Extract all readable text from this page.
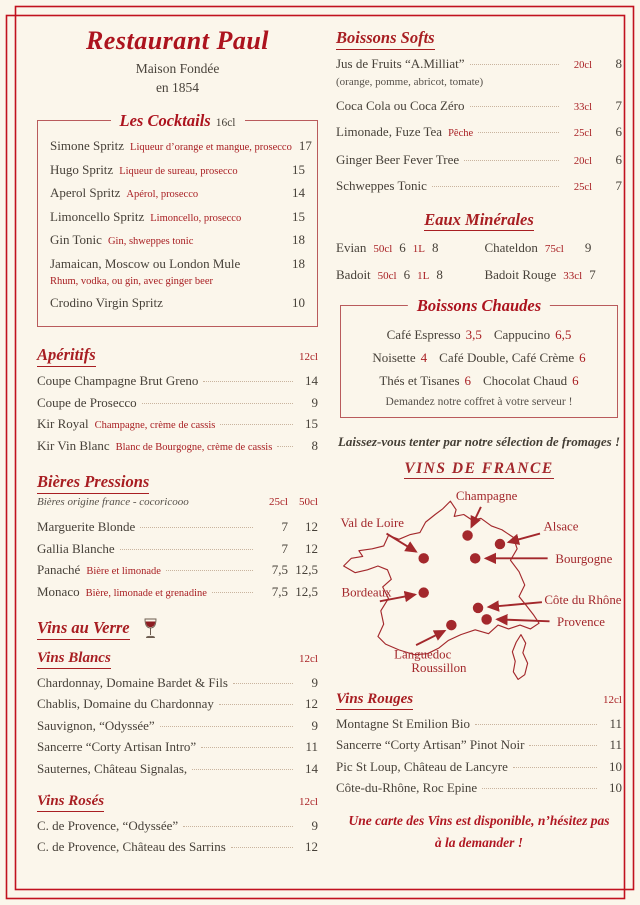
Restaurant Paul
Maison Fondée
en 1854
Les Cocktails 16cl
Simone Spritz Liqueur d’orange et mangue, prosecco 17
Hugo Spritz Liqueur de sureau, prosecco	15
Aperol Spritz Apérol, prosecco	14
Limoncello Spritz Limoncello, prosecco	15
Gin Tonic Gin, shweppes tonic	18
Jamaican, Moscow ou London Mule	18
Rhum, vodka, ou gin, avec ginger beer
Crodino Virgin Spritz	10
Apéritifs	12cl
Coupe Champagne Brut Greno	14
Coupe de Prosecco	9
Kir Royal Champagne, crème de cassis	15
Kir Vin Blanc Blanc de Bourgogne, crème de cassis	8
Bières Pressions
Bières origine france - cocoricooo	25cl	50cl
Marguerite Blonde	7	12
Gallia Blanche	7	12
Panaché Bière et limonade	7,5 12,5
Monaco Bière, limonade et grenadine	7,5 12,5
Vins au Verre
Vins Blancs	12cl
Chardonnay, Domaine Bardet & Fils	9
Chablis, Domaine du Chardonnay	12
Sauvignon, “Odyssée”	9
Sancerre “Corty Artisan Intro”	11
Sauternes, Château Signalas,	14
Vins Rosés	12cl
C. de Provence, “Odyssée”	9
C. de Provence, Château des Sarrins	12
Boissons Softs
Jus de Fruits “A.Milliat”	20cl	8
(orange, pomme, abricot, tomate)
Coca Cola ou Coca Zéro	33cl	7
Limonade, Fuze Tea Pêche	25cl	6
Ginger Beer Fever Tree	20cl	6
Schweppes Tonic	25cl	7
Eaux Minérales
Evian 50cl 6 1L 8	Chateldon 75cl 9
Badoit 50cl 6 1L 8	Badoit Rouge 33cl 7
Boissons Chaudes
Café Espresso 3,5 Cappucino 6,5
Noisette 4 Café Double, Café Crème 6
Thés et Tisanes 6 Chocolat Chaud 6
Demandez notre coffret à votre serveur !
Laissez-vous tenter par notre sélection de fromages !
VINS DE FRANCE
Champagne
Val de Loire	Alsace
Bourgogne
Bordeaux
Côte du Rhône
Provence
Languedoc
Roussillon
Vins Rouges	12cl
Montagne St Emilion Bio	11
Sancerre “Corty Artisan” Pinot Noir	11
Pic St Loup, Château de Lancyre	10
Côte-du-Rhône, Roc Epine	10
Une carte des Vins est disponible, n’hésitez pas
à la demander !
